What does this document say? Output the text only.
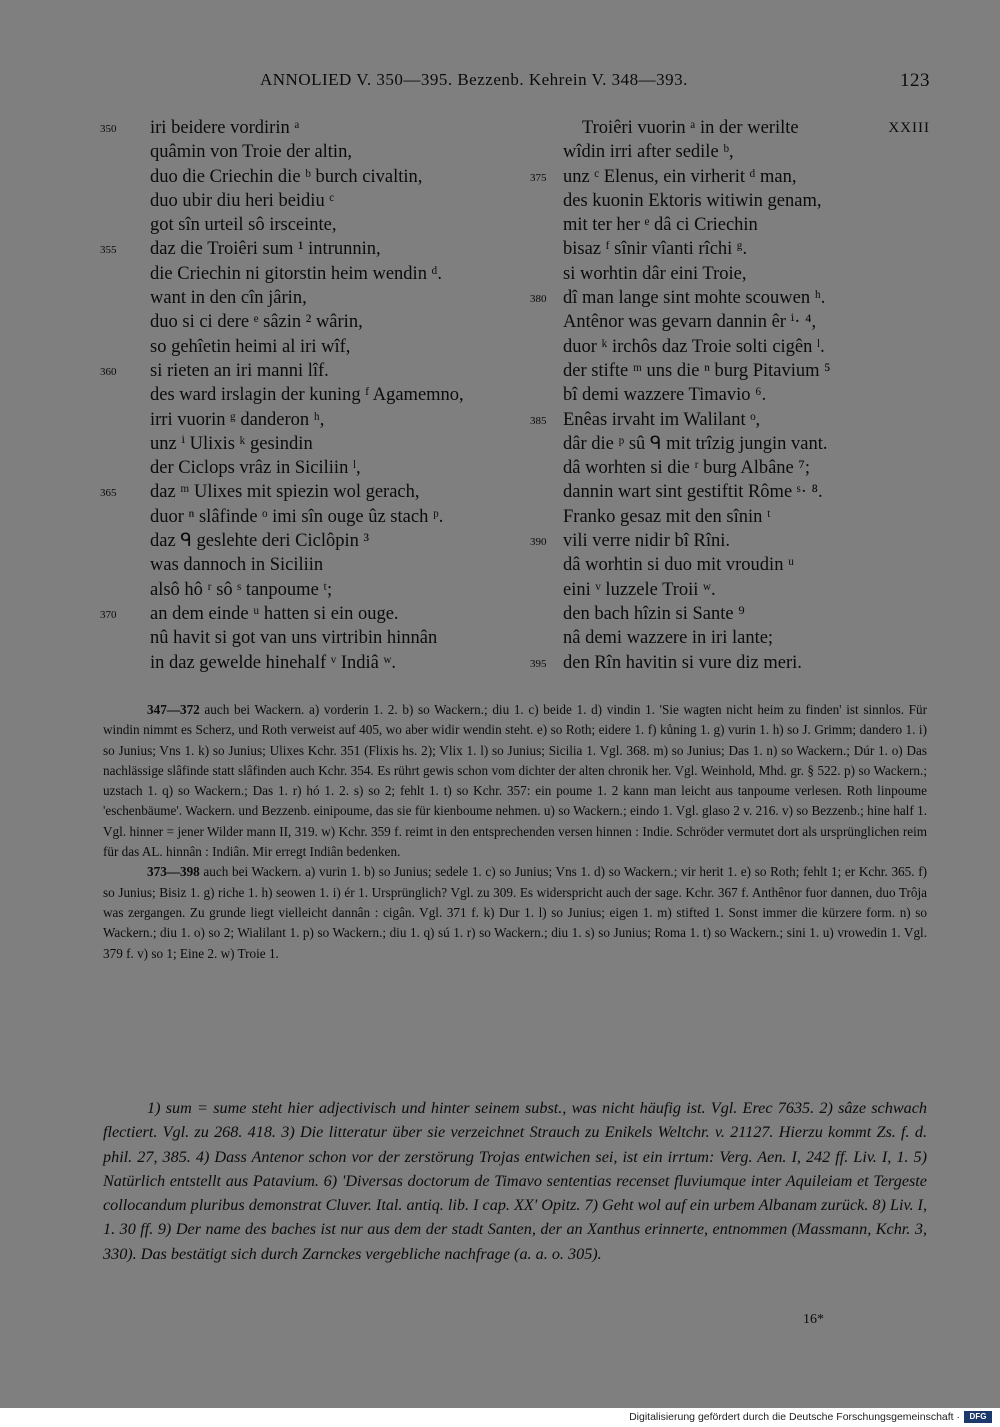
ANNOLIED V. 350—395. Bezzenb. Kehrein V. 348—393.	123
350	iri beidere vordirin ᵃ
quâmin von Troie der altin,
duo die Criechin die ᵇ burch civaltin,
duo ubir diu heri beidiu ᶜ
got sîn urteil sô irsceinte,
355	daz die Troiêri sum ¹ intrunnin,
die Criechin ni gitorstin heim wendin ᵈ.
want in den cîn jârin,
duo si ci dere ᵉ sâzin ² wârin,
so gehîetin heimi al iri wîf,
360	si rieten an iri manni lîf.
des ward irslagin der kuning ᶠ Agamemno,
irri vuorin ᵍ danderon ʰ,
unz ⁱ Ulixis ᵏ gesindin
der Ciclops vrâz in Siciliin ˡ,
365	daz ᵐ Ulixes mit spiezin wol gerach,
duor ⁿ slâfinde ᵒ imi sîn ouge ûz stach ᵖ.
daz ᑫ geslehte deri Ciclôpin ³
was dannoch in Siciliin
alsô hô ʳ sô ˢ tanpoume ᵗ;
370	an dem einde ᵘ hatten si ein ouge.
nû havit si got van uns virtribin hinnân
in daz gewelde hinehalf ᵛ Indiâ ʷ.
Troiêri vuorin ᵃ in der werilte	XXIII
wîdin irri after sedile ᵇ,
375 unz ᶜ Elenus, ein virherit ᵈ man,
des kuonin Ektoris witiwin genam,
mit ter her ᵉ dâ ci Criechin
bisaz ᶠ sînir vîanti rîchi ᵍ.
si worhtin dâr eini Troie,
380 dî man lange sint mohte scouwen ʰ.
Antênor was gevarn dannin êr ⁱ· ⁴,
duor ᵏ irchôs daz Troie solti cigên ˡ.
der stifte ᵐ uns die ⁿ burg Pitavium ⁵
bî demi wazzere Timavio ⁶.
385 Enêas irvaht im Walilant ᵒ,
dâr die ᵖ sû ᑫ mit trîzig jungin vant.
dâ worhten si die ʳ burg Albâne ⁷;
dannin wart sint gestiftit Rôme ˢ· ⁸.
Franko gesaz mit den sînin ᵗ
390 vili verre nidir bî Rîni.
dâ worhtin si duo mit vroudin ᵘ
eini ᵛ luzzele Troii ʷ.
den bach hîzin si Sante ⁹
nâ demi wazzere in iri lante;
395 den Rîn havitin si vure diz meri.

347—372 auch bei Wackern. a) vorderin 1. 2. b) so Wackern.; diu 1. c) beide 1. d) vindin 1. 'Sie wagten nicht heim zu finden' ist sinnlos. Für windin nimmt es Scherz, und Roth verweist auf 405, wo aber widir wendin steht. e) so Roth; eidere 1. f) kůning 1. g) vurin 1. h) so J. Grimm; dandero 1. i) so Junius; Vns 1. k) so Junius; Ulixes Kchr. 351 (Flixis hs. 2); Vlix 1. l) so Junius; Sicilia 1. Vgl. 368. m) so Junius; Das 1. n) so Wackern.; Dúr 1. o) Das nachlässige slâfinde statt slâfinden auch Kchr. 354. Es rührt gewis schon vom dichter der alten chronik her. Vgl. Weinhold, Mhd. gr. § 522. p) so Wackern.; uzstach 1. q) so Wackern.; Das 1. r) hó 1. 2. s) so 2; fehlt 1. t) so Kchr. 357: ein poume 1. 2 kann man leicht aus tanpoume verlesen. Roth linpoume 'eschenbäume'. Wackern. und Bezzenb. einipoume, das sie für kienboume nehmen. u) so Wackern.; eindo 1. Vgl. glaso 2 v. 216. v) so Bezzenb.; hine half 1. Vgl. hinner = jener Wilder mann II, 319. w) Kchr. 359 f. reimt in den entsprechenden versen hinnen : Indie. Schröder vermutet dort als ursprünglichen reim für das AL. hinnân : Indiân. Mir erregt Indiân bedenken.

373—398 auch bei Wackern. a) vurin 1. b) so Junius; sedele 1. c) so Junius; Vns 1. d) so Wackern.; vir herit 1. e) so Roth; fehlt 1; er Kchr. 365. f) so Junius; Bisiz 1. g) riche 1. h) seowen 1. i) ér 1. Ursprünglich? Vgl. zu 309. Es widerspricht auch der sage. Kchr. 367 f. Anthênor fuor dannen, duo Trôja was zergangen. Zu grunde liegt vielleicht dannân : cigân. Vgl. 371 f. k) Dur 1. l) so Junius; eigen 1. m) stifted 1. Sonst immer die kürzere form. n) so Wackern.; diu 1. o) so 2; Wialilant 1. p) so Wackern.; diu 1. q) sú 1. r) so Wackern.; diu 1. s) so Junius; Roma 1. t) so Wackern.; sini 1. u) vrowedin 1. Vgl. 379 f. v) so 1; Eine 2. w) Troie 1.

1) sum = sume steht hier adjectivisch und hinter seinem subst., was nicht häufig ist. Vgl. Erec 7635. 2) sâze schwach flectiert. Vgl. zu 268. 418. 3) Die litteratur über sie verzeichnet Strauch zu Enikels Weltchr. v. 21127. Hierzu kommt Zs. f. d. phil. 27, 385. 4) Dass Antenor schon vor der zerstörung Trojas entwichen sei, ist ein irrtum: Verg. Aen. I, 242 ff. Liv. I, 1. 5) Natürlich entstellt aus Patavium. 6) 'Diversas doctorum de Timavo sententias recenset fluviumque inter Aquileiam et Tergeste collocandum pluribus demonstrat Cluver. Ital. antiq. lib. I cap. XX' Opitz. 7) Geht wol auf ein urbem Albanam zurück. 8) Liv. I, 1. 30 ff. 9) Der name des baches ist nur aus dem der stadt Santen, der an Xanthus erinnerte, entnommen (Massmann, Kchr. 3, 330). Das bestätigt sich durch Zarnckes vergebliche nachfrage (a. a. o. 305).

16*
Digitalisierung gefördert durch die Deutsche Forschungsgemeinschaft ·	DFG
